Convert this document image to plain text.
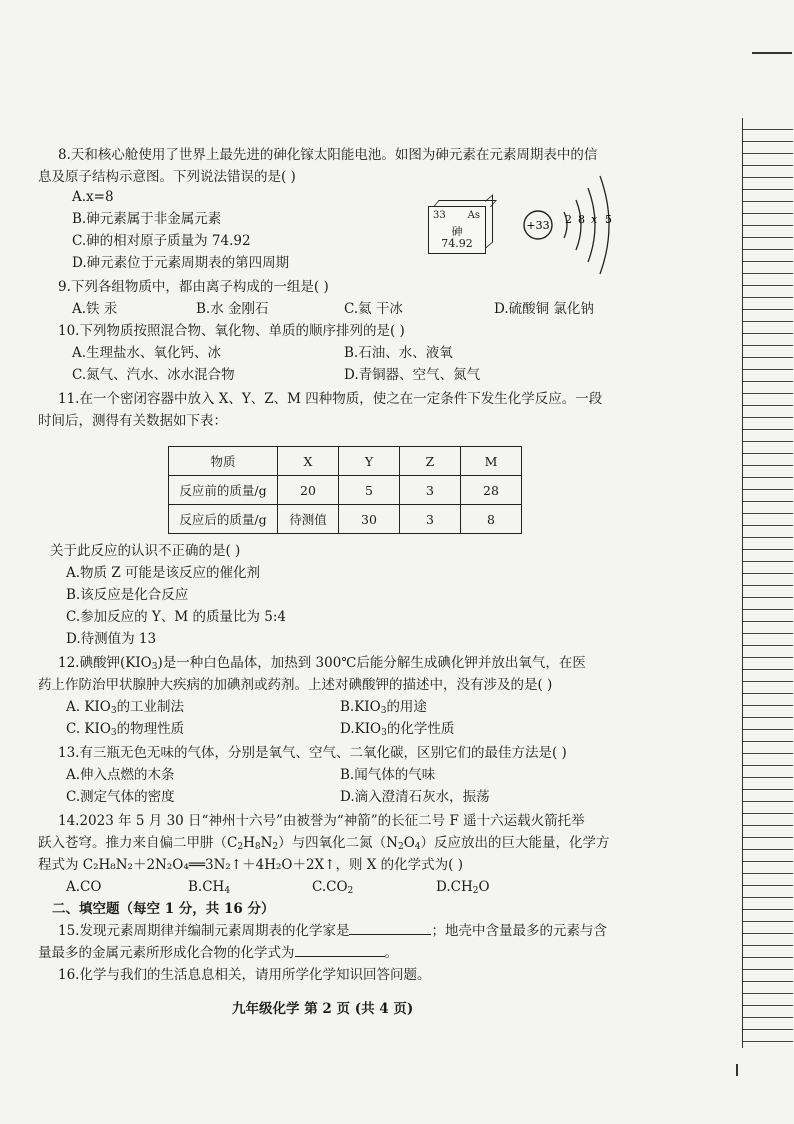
8.天和核心舱使用了世界上最先进的砷化镓太阳能电池。如图为砷元素在元素周期表中的信
息及原子结构示意图。下列说法错误的是( )
A.x=8
B.砷元素属于非金属元素
C.砷的相对原子质量为 74.92
D.砷元素位于元素周期表的第四周期
33 As
砷
74.92
+33 2 8 x 5
9.下列各组物质中，都由离子构成的一组是( )
A.铁 汞	B.水 金刚石	C.氦 干冰	D.硫酸铜 氯化钠
10.下列物质按照混合物、氧化物、单质的顺序排列的是( )
A.生理盐水、氧化钙、冰	B.石油、水、液氧
C.氮气、汽水、冰水混合物	D.青铜器、空气、氮气
11.在一个密闭容器中放入 X、Y、Z、M 四种物质，使之在一定条件下发生化学反应。一段
时间后，测得有关数据如下表：
物质	X	Y	Z	M
反应前的质量/g	20	5	3	28
反应后的质量/g	待测值	30	3	8
关于此反应的认识不正确的是( )
A.物质 Z 可能是该反应的催化剂
B.该反应是化合反应
C.参加反应的 Y、M 的质量比为 5:4
D.待测值为 13
12.碘酸钾$(KIO_3)$是一种白色晶体，加热到 300℃后能分解生成碘化钾并放出氧气，在医
药上作防治甲状腺肿大疾病的加碘剂或药剂。上述对碘酸钾的描述中，没有涉及的是( )
A. $KIO_3$的工业制法	$B.KIO_3$的用途
C. $KIO_3$的物理性质	$D.KIO_3$的化学性质
13.有三瓶无色无味的气体，分别是氧气、空气、二氧化碳，区别它们的最佳方法是( )
A.伸入点燃的木条	B.闻气体的气味
C.测定气体的密度	D.滴入澄清石灰水，振荡
14.2023 年 5 月 30 日“神州十六号”由被誉为“神箭”的长征二号 F 遥十六运载火箭托举
跃入苍穹。推力来自偏二甲肼$(C_2H_8N_2)$与四氧化二氮$(N_2O_4)$反应放出的巨大能量，化学方
程式为 C₂H₈N₂＋2N₂O₄══3N₂↑＋4H₂O＋2X↑，则 X 的化学式为( )
A.CO	$B.CH_4$	$C.CO_2$	$D.CH_2O$
二、填空题（每空 1 分，共 16 分）
15.发现元素周期律并编制元素周期表的化学家是	；地壳中含量最多的元素与含
量最多的金属元素所形成化合物的化学式为	。
16.化学与我们的生活息息相关，请用所学化学知识回答问题。
九年级化学 第 2 页 (共 4 页)
